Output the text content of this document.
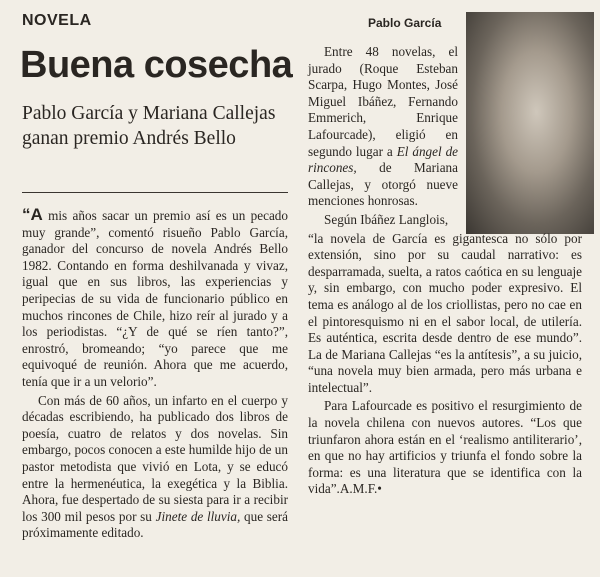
NOVELA
Buena cosecha
Pablo García y Mariana Callejas ganan premio Andrés Bello

“A mis años sacar un premio así es un pecado muy grande”, comentó risueño Pablo García, ganador del concurso de novela Andrés Bello 1982. Contando en forma deshilvanada y vivaz, igual que en sus libros, las experiencias y peripecias de su vida de funcionario público en muchos rincones de Chile, hizo reír al jurado y a los periodistas. “¿Y de qué se ríen tanto?”, enrostró, bromeando; “yo parece que me equivoqué de reunión. Ahora que me acuerdo, tenía que ir a un velorio”.

Con más de 60 años, un infarto en el cuerpo y décadas escribiendo, ha publicado dos libros de poesía, cuatro de relatos y dos novelas. Sin embargo, pocos conocen a este humilde hijo de un pastor metodista que vivió en Lota, y se educó entre la hermenéutica, la exegética y la Biblia. Ahora, fue despertado de su siesta para ir a recibir los 300 mil pesos por su Jinete de lluvia, que será próximamente editado.

Pablo García

Entre 48 novelas, el jurado (Roque Esteban Scarpa, Hugo Montes, José Miguel Ibáñez, Fernando Emmerich, Enrique Lafourcade), eligió en segundo lugar a El ángel de rincones, de Mariana Callejas, y otorgó nueve menciones honrosas.

Según Ibáñez Langlois,

“la novela de García es gigantesca no sólo por extensión, sino por su caudal narrativo: es desparramada, suelta, a ratos caótica en su lenguaje y, sin embargo, con mucho poder expresivo. El tema es análogo al de los criollistas, pero no cae en el pintoresquismo ni en el sabor local, de utilería. Es auténtica, escrita desde dentro de ese mundo”. La de Mariana Callejas “es la antítesis”, a su juicio, “una novela muy bien armada, pero más urbana e intelectual”.

Para Lafourcade es positivo el resurgimiento de la novela chilena con nuevos autores. “Los que triunfaron ahora están en el ‘realismo antiliterario’, en que no hay artificios y triunfa el fondo sobre la forma: es una literatura que se identifica con la vida”.A.M.F.•
